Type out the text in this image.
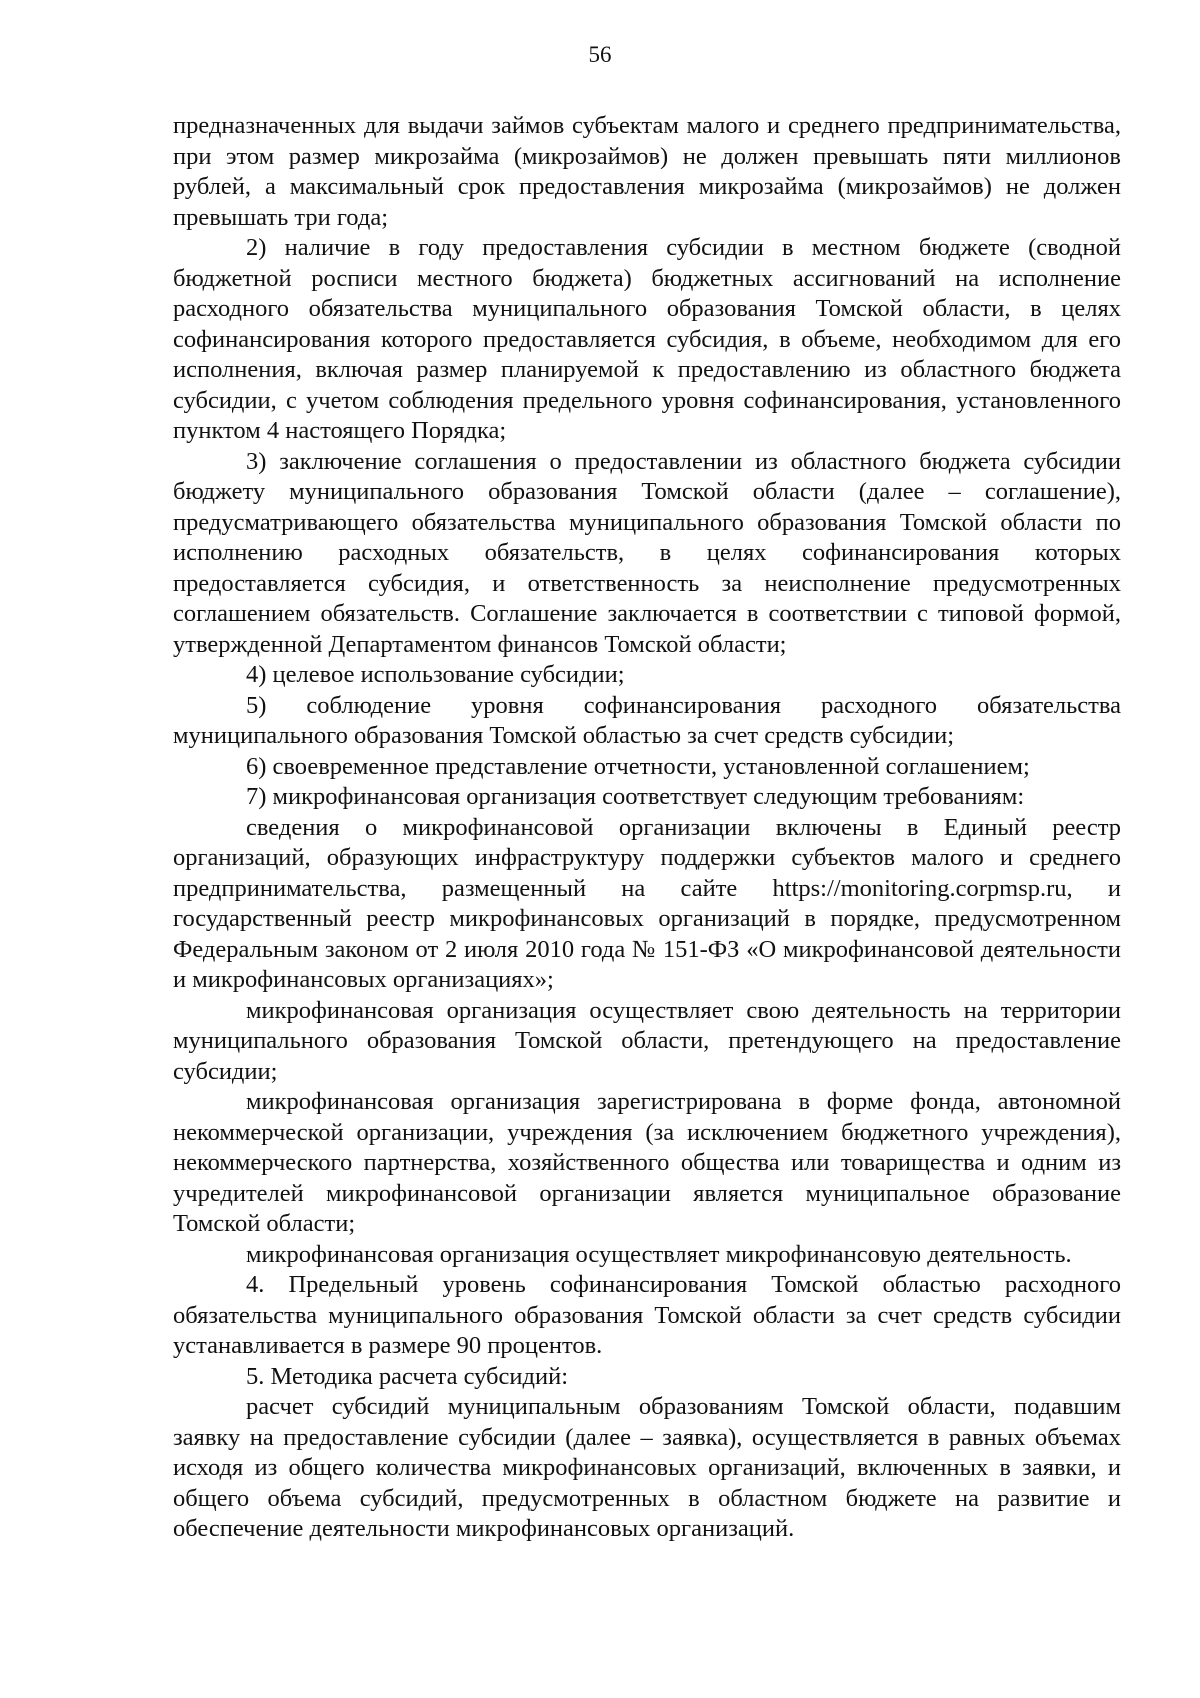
56

предназначенных для выдачи займов субъектам малого и среднего предпринимательства, при этом размер микрозайма (микрозаймов) не должен превышать пяти миллионов рублей, а максимальный срок предоставления микрозайма (микрозаймов) не должен превышать три года;

2) наличие в году предоставления субсидии в местном бюджете (сводной бюджетной росписи местного бюджета) бюджетных ассигнований на исполнение расходного обязательства муниципального образования Томской области, в целях софинансирования которого предоставляется субсидия, в объеме, необходимом для его исполнения, включая размер планируемой к предоставлению из областного бюджета субсидии, с учетом соблюдения предельного уровня софинансирования, установленного пунктом 4 настоящего Порядка;

3) заключение соглашения о предоставлении из областного бюджета субсидии бюджету муниципального образования Томской области (далее – соглашение), предусматривающего обязательства муниципального образования Томской области по исполнению расходных обязательств, в целях софинансирования которых предоставляется субсидия, и ответственность за неисполнение предусмотренных соглашением обязательств. Соглашение заключается в соответствии с типовой формой, утвержденной Департаментом финансов Томской области;

4) целевое использование субсидии;

5) соблюдение уровня софинансирования расходного обязательства муниципального образования Томской областью за счет средств субсидии;

6) своевременное представление отчетности, установленной соглашением;

7) микрофинансовая организация соответствует следующим требованиям:

сведения о микрофинансовой организации включены в Единый реестр организаций, образующих инфраструктуру поддержки субъектов малого и среднего предпринимательства, размещенный на сайте https://monitoring.corpmsp.ru, и государственный реестр микрофинансовых организаций в порядке, предусмотренном Федеральным законом от 2 июля 2010 года № 151-ФЗ «О микрофинансовой деятельности и микрофинансовых организациях»;

микрофинансовая организация осуществляет свою деятельность на территории муниципального образования Томской области, претендующего на предоставление субсидии;

микрофинансовая организация зарегистрирована в форме фонда, автономной некоммерческой организации, учреждения (за исключением бюджетного учреждения), некоммерческого партнерства, хозяйственного общества или товарищества и одним из учредителей микрофинансовой организации является муниципальное образование Томской области;

микрофинансовая организация осуществляет микрофинансовую деятельность.

4. Предельный уровень софинансирования Томской областью расходного обязательства муниципального образования Томской области за счет средств субсидии устанавливается в размере 90 процентов.

5. Методика расчета субсидий:

расчет субсидий муниципальным образованиям Томской области, подавшим заявку на предоставление субсидии (далее – заявка), осуществляется в равных объемах исходя из общего количества микрофинансовых организаций, включенных в заявки, и общего объема субсидий, предусмотренных в областном бюджете на развитие и обеспечение деятельности микрофинансовых организаций.
